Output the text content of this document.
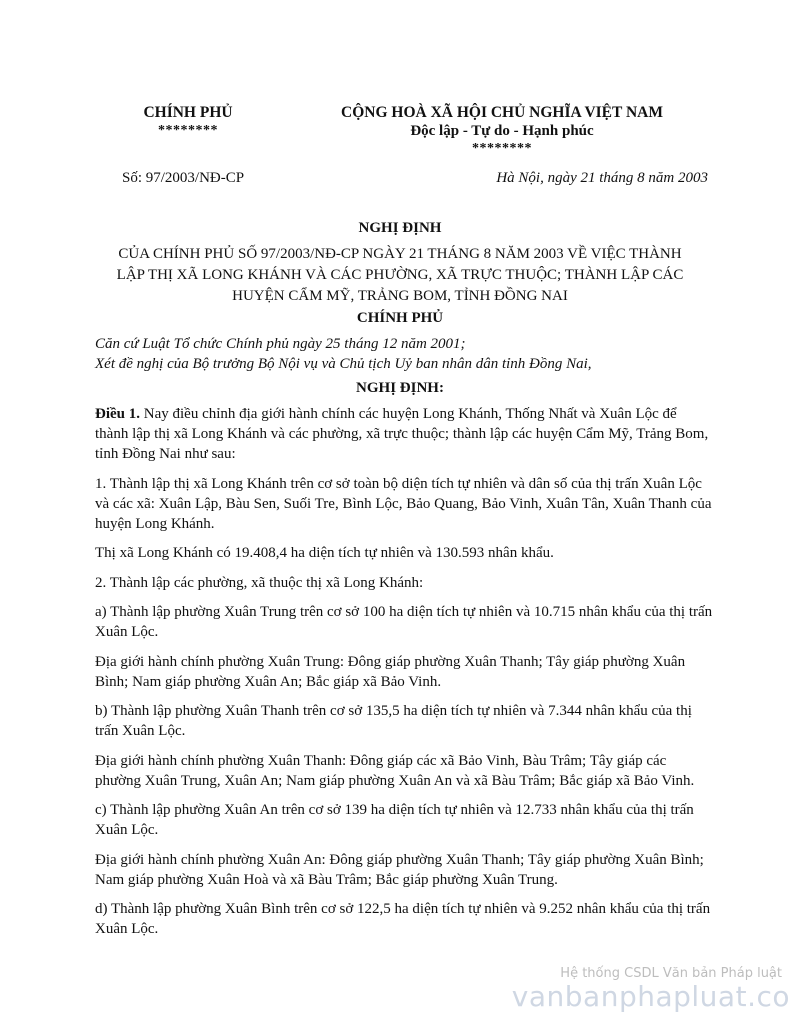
CHÍNH PHỦ
********
CỘNG HOÀ XÃ HỘI CHỦ NGHĨA VIỆT NAM
Độc lập - Tự do - Hạnh phúc
********
Số: 97/2003/NĐ-CP	Hà Nội, ngày 21 tháng 8 năm 2003
NGHỊ ĐỊNH
CỦA CHÍNH PHỦ SỐ 97/2003/NĐ-CP NGÀY 21 THÁNG 8 NĂM 2003 VỀ VIỆC THÀNH
LẬP THỊ XÃ LONG KHÁNH VÀ CÁC PHƯỜNG, XÃ TRỰC THUỘC; THÀNH LẬP CÁC
HUYỆN CẨM MỸ, TRẢNG BOM, TỈNH ĐỒNG NAI
CHÍNH PHỦ
Căn cứ Luật Tổ chức Chính phủ ngày 25 tháng 12 năm 2001;
Xét đề nghị của Bộ trưởng Bộ Nội vụ và Chủ tịch Uỷ ban nhân dân tỉnh Đồng Nai,
NGHỊ ĐỊNH:

Điều 1. Nay điều chỉnh địa giới hành chính các huyện Long Khánh, Thống Nhất và Xuân Lộc để thành lập thị xã Long Khánh và các phường, xã trực thuộc; thành lập các huyện Cẩm Mỹ, Trảng Bom, tỉnh Đồng Nai như sau:

1. Thành lập thị xã Long Khánh trên cơ sở toàn bộ diện tích tự nhiên và dân số của thị trấn Xuân Lộc và các xã: Xuân Lập, Bàu Sen, Suối Tre, Bình Lộc, Bảo Quang, Bảo Vinh, Xuân Tân, Xuân Thanh của huyện Long Khánh.

Thị xã Long Khánh có 19.408,4 ha diện tích tự nhiên và 130.593 nhân khẩu.

2. Thành lập các phường, xã thuộc thị xã Long Khánh:

a) Thành lập phường Xuân Trung trên cơ sở 100 ha diện tích tự nhiên và 10.715 nhân khẩu của thị trấn Xuân Lộc.

Địa giới hành chính phường Xuân Trung: Đông giáp phường Xuân Thanh; Tây giáp phường Xuân Bình; Nam giáp phường Xuân An; Bắc giáp xã Bảo Vinh.

b) Thành lập phường Xuân Thanh trên cơ sở 135,5 ha diện tích tự nhiên và 7.344 nhân khẩu của thị trấn Xuân Lộc.

Địa giới hành chính phường Xuân Thanh: Đông giáp các xã Bảo Vinh, Bàu Trâm; Tây giáp các phường Xuân Trung, Xuân An; Nam giáp phường Xuân An và xã Bàu Trâm; Bắc giáp xã Bảo Vinh.

c) Thành lập phường Xuân An trên cơ sở 139 ha diện tích tự nhiên và 12.733 nhân khẩu của thị trấn Xuân Lộc.

Địa giới hành chính phường Xuân An: Đông giáp phường Xuân Thanh; Tây giáp phường Xuân Bình; Nam giáp phường Xuân Hoà và xã Bàu Trâm; Bắc giáp phường Xuân Trung.

d) Thành lập phường Xuân Bình trên cơ sở 122,5 ha diện tích tự nhiên và 9.252 nhân khẩu của thị trấn Xuân Lộc.

Hệ thống CSDL Văn bản Pháp luật
vanbanphapluat.co
